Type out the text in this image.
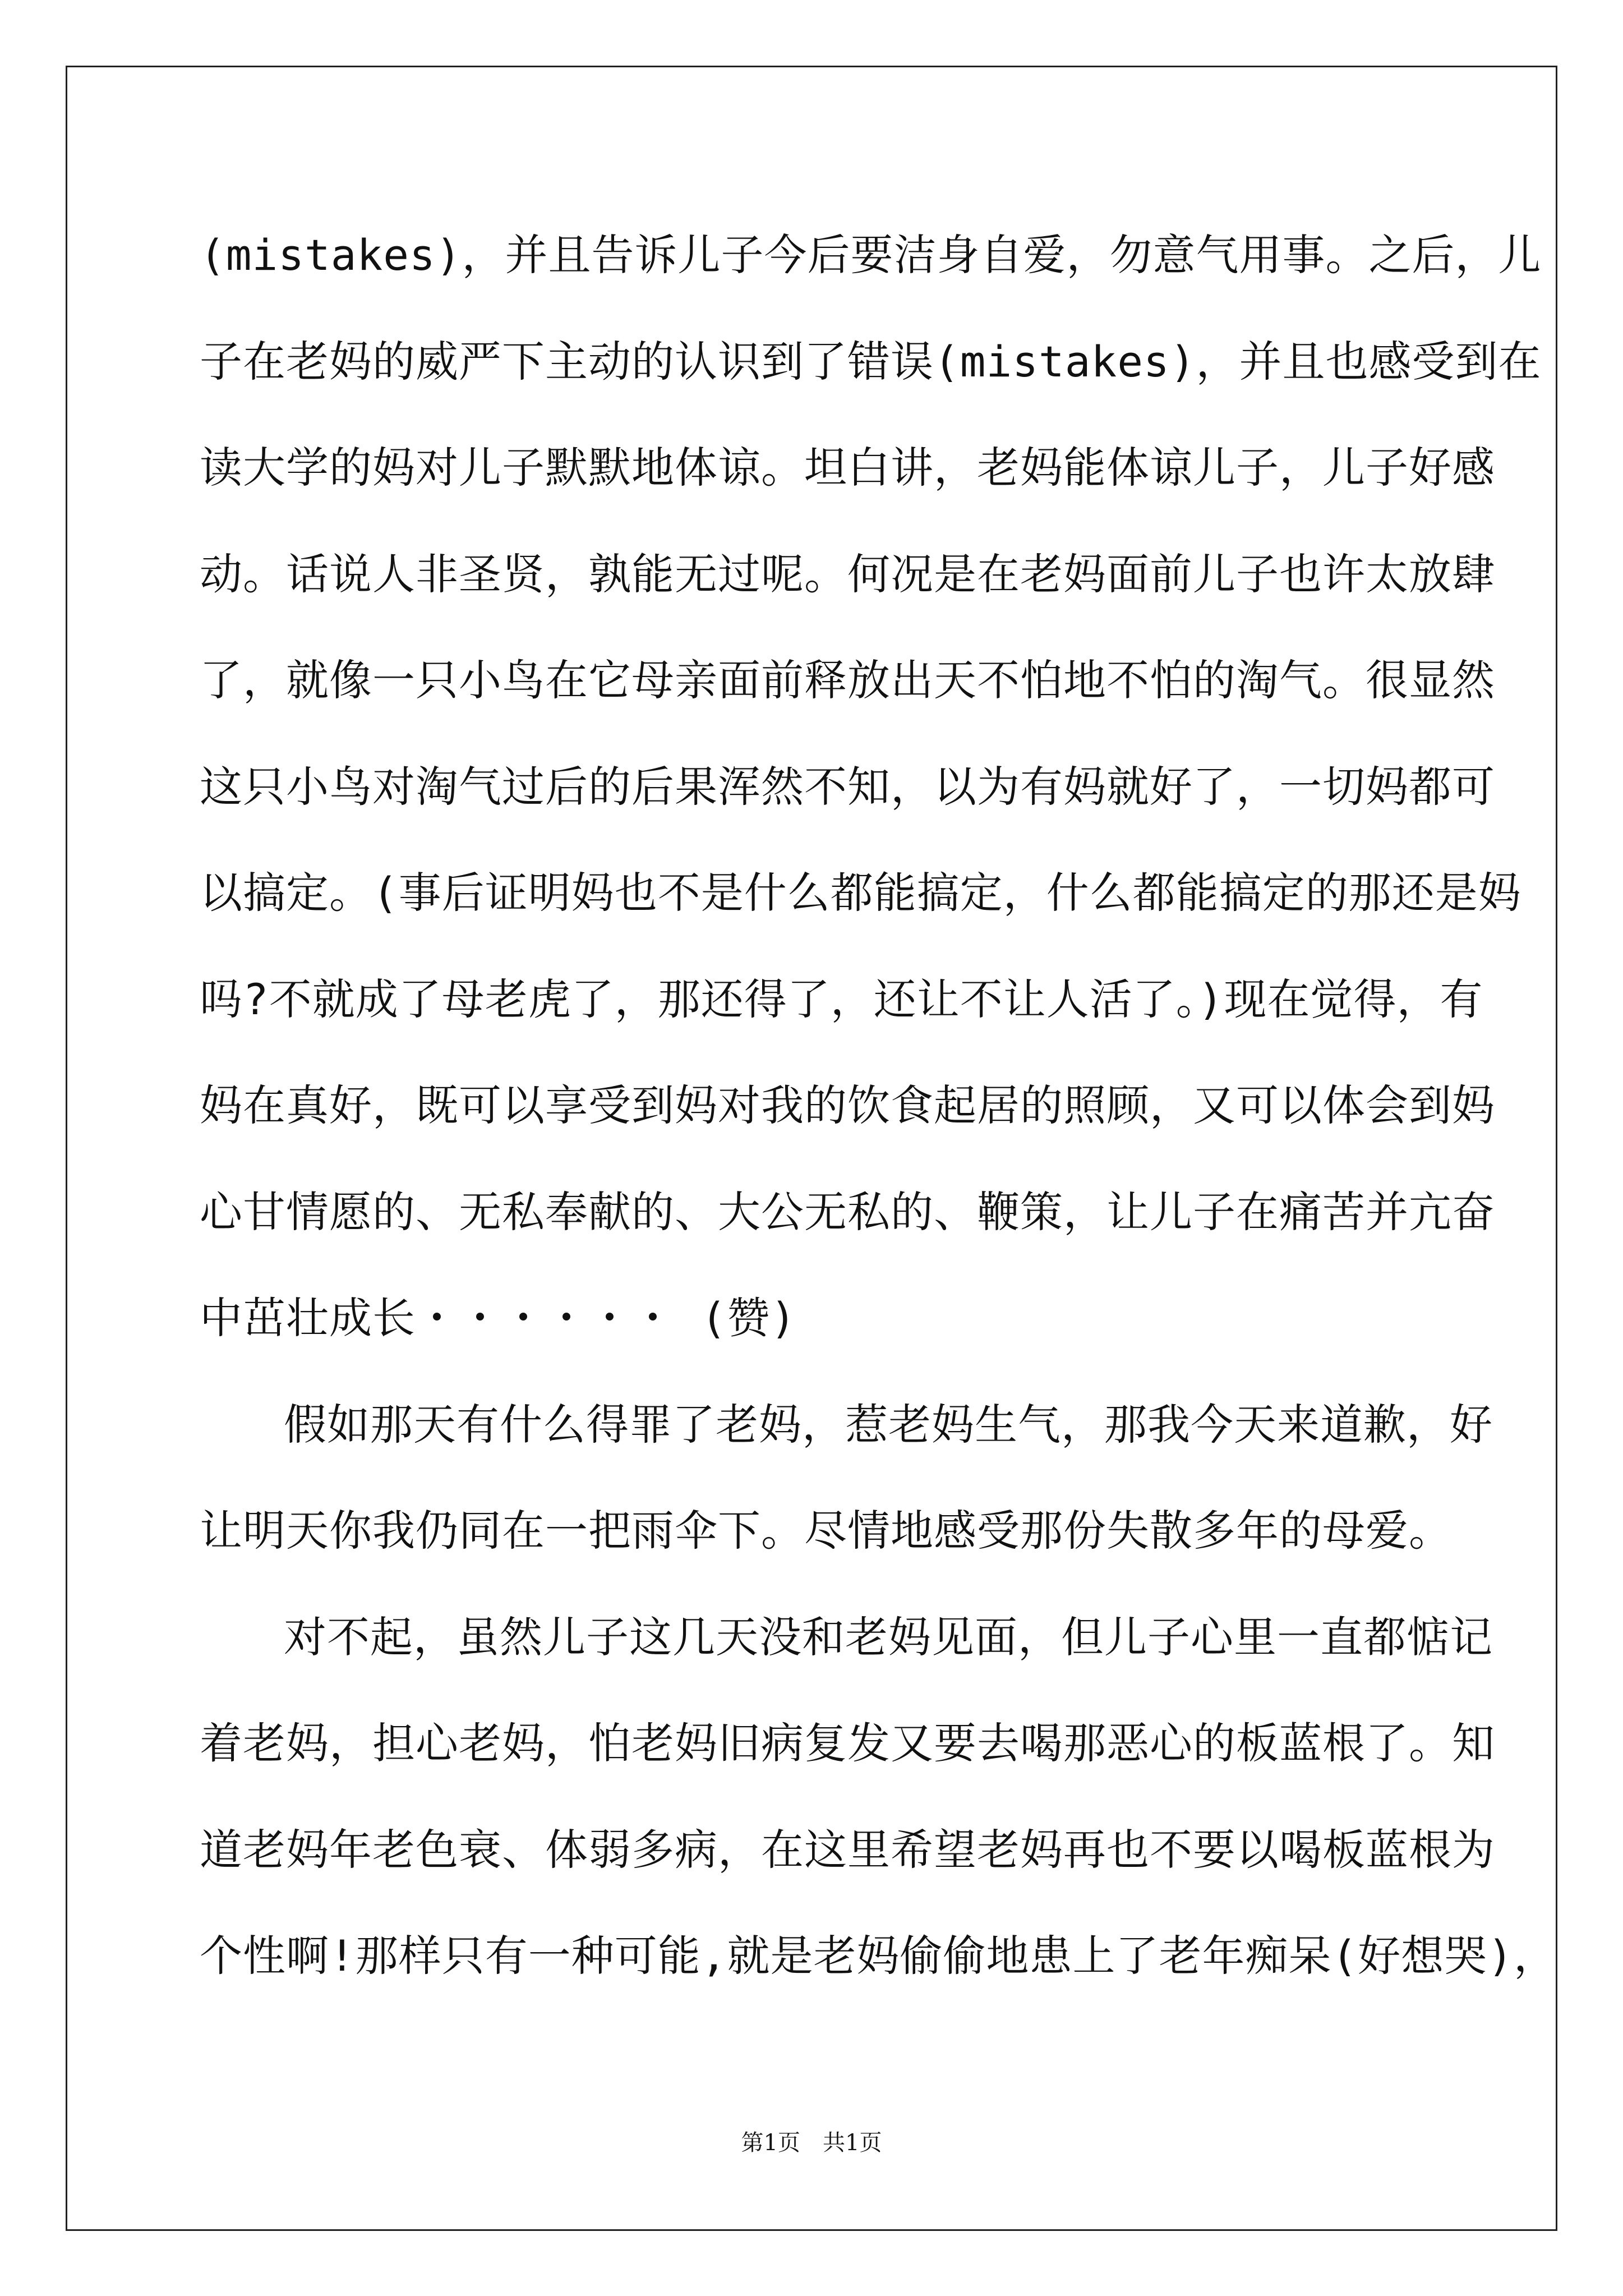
(mistakes)，并且告诉儿子今后要洁身自爱，勿意气用事。之后，儿
子在老妈的威严下主动的认识到了错误(mistakes)，并且也感受到在
读大学的妈对儿子默默地体谅。坦白讲，老妈能体谅儿子，儿子好感
动。话说人非圣贤，孰能无过呢。何况是在老妈面前儿子也许太放肆
了，就像一只小鸟在它母亲面前释放出天不怕地不怕的淘气。很显然
这只小鸟对淘气过后的后果浑然不知，以为有妈就好了，一切妈都可
以搞定。(事后证明妈也不是什么都能搞定，什么都能搞定的那还是妈
吗?不就成了母老虎了，那还得了，还让不让人活了。)现在觉得，有
妈在真好，既可以享受到妈对我的饮食起居的照顾，又可以体会到妈
心甘情愿的、无私奉献的、大公无私的、鞭策，让儿子在痛苦并亢奋
中茁壮成长・・・・・・ (赞)
假如那天有什么得罪了老妈，惹老妈生气，那我今天来道歉，好
让明天你我仍同在一把雨伞下。尽情地感受那份失散多年的母爱。
对不起，虽然儿子这几天没和老妈见面，但儿子心里一直都惦记
着老妈，担心老妈，怕老妈旧病复发又要去喝那恶心的板蓝根了。知
道老妈年老色衰、体弱多病，在这里希望老妈再也不要以喝板蓝根为
个性啊!那样只有一种可能,就是老妈偷偷地患上了老年痴呆(好想哭)，
第1页 共1页
